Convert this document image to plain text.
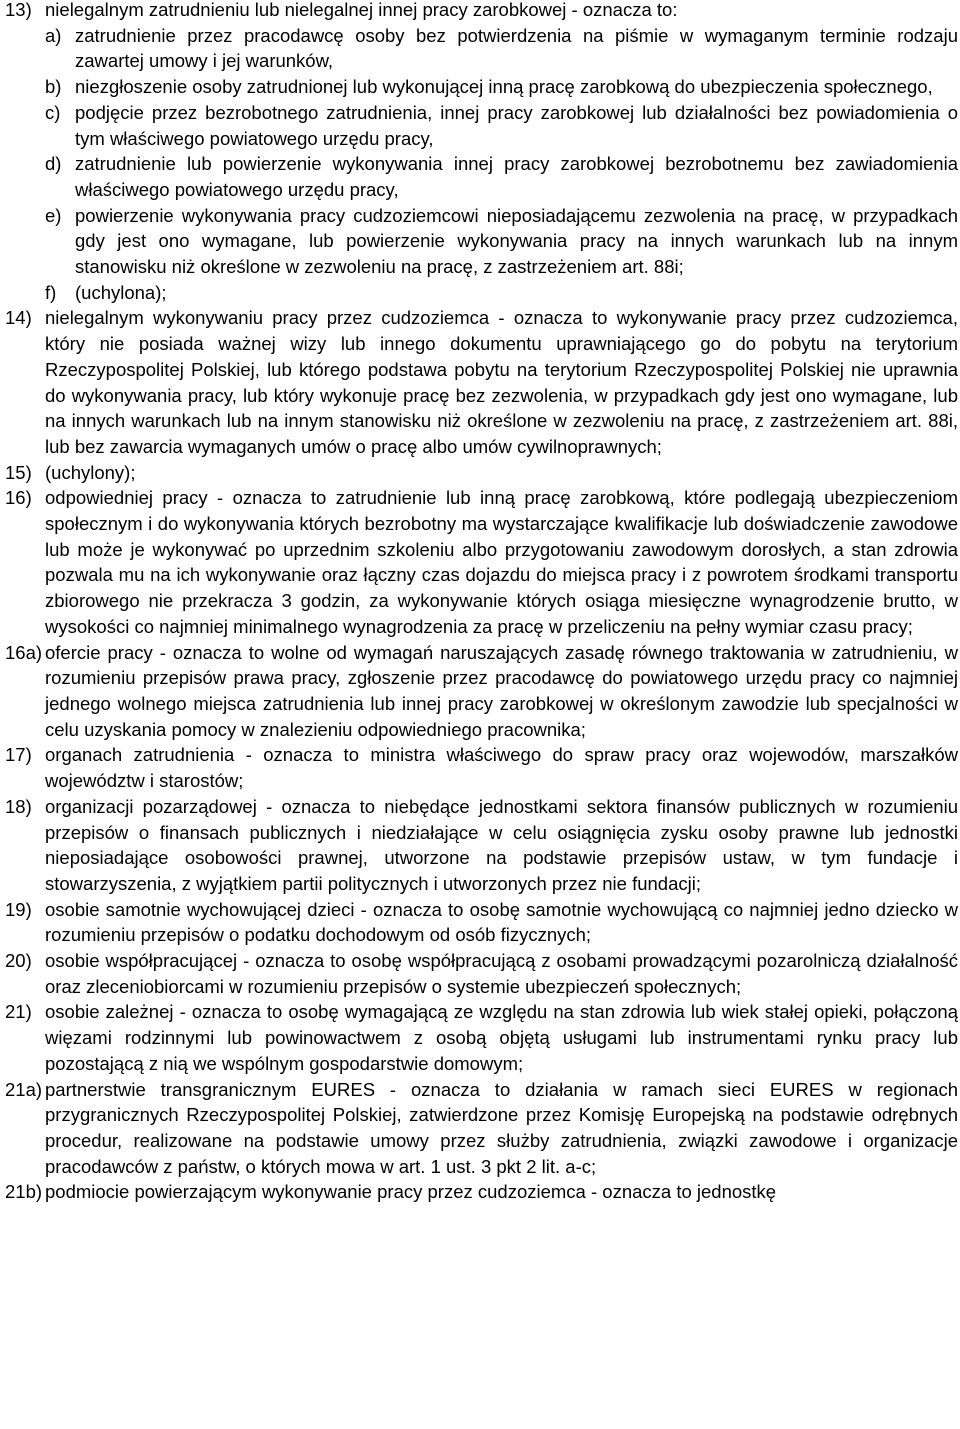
13) nielegalnym zatrudnieniu lub nielegalnej innej pracy zarobkowej - oznacza to:
a) zatrudnienie przez pracodawcę osoby bez potwierdzenia na piśmie w wymaganym terminie rodzaju zawartej umowy i jej warunków,
b) niezgłoszenie osoby zatrudnionej lub wykonującej inną pracę zarobkową do ubezpieczenia społecznego,
c) podjęcie przez bezrobotnego zatrudnienia, innej pracy zarobkowej lub działalności bez powiadomienia o tym właściwego powiatowego urzędu pracy,
d) zatrudnienie lub powierzenie wykonywania innej pracy zarobkowej bezrobotnemu bez zawiadomienia właściwego powiatowego urzędu pracy,
e) powierzenie wykonywania pracy cudzoziemcowi nieposiadającemu zezwolenia na pracę, w przypadkach gdy jest ono wymagane, lub powierzenie wykonywania pracy na innych warunkach lub na innym stanowisku niż określone w zezwoleniu na pracę, z zastrzeżeniem art. 88i;
f) (uchylona);
14) nielegalnym wykonywaniu pracy przez cudzoziemca - oznacza to wykonywanie pracy przez cudzoziemca, który nie posiada ważnej wizy lub innego dokumentu uprawniającego go do pobytu na terytorium Rzeczypospolitej Polskiej, lub którego podstawa pobytu na terytorium Rzeczypospolitej Polskiej nie uprawnia do wykonywania pracy, lub który wykonuje pracę bez zezwolenia, w przypadkach gdy jest ono wymagane, lub na innych warunkach lub na innym stanowisku niż określone w zezwoleniu na pracę, z zastrzeżeniem art. 88i, lub bez zawarcia wymaganych umów o pracę albo umów cywilnoprawnych;
15) (uchylony);
16) odpowiedniej pracy - oznacza to zatrudnienie lub inną pracę zarobkową, które podlegają ubezpieczeniom społecznym i do wykonywania których bezrobotny ma wystarczające kwalifikacje lub doświadczenie zawodowe lub może je wykonywać po uprzednim szkoleniu albo przygotowaniu zawodowym dorosłych, a stan zdrowia pozwala mu na ich wykonywanie oraz łączny czas dojazdu do miejsca pracy i z powrotem środkami transportu zbiorowego nie przekracza 3 godzin, za wykonywanie których osiąga miesięczne wynagrodzenie brutto, w wysokości co najmniej minimalnego wynagrodzenia za pracę w przeliczeniu na pełny wymiar czasu pracy;
16a) ofercie pracy - oznacza to wolne od wymagań naruszających zasadę równego traktowania w zatrudnieniu, w rozumieniu przepisów prawa pracy, zgłoszenie przez pracodawcę do powiatowego urzędu pracy co najmniej jednego wolnego miejsca zatrudnienia lub innej pracy zarobkowej w określonym zawodzie lub specjalności w celu uzyskania pomocy w znalezieniu odpowiedniego pracownika;
17) organach zatrudnienia - oznacza to ministra właściwego do spraw pracy oraz wojewodów, marszałków województw i starostów;
18) organizacji pozarządowej - oznacza to niebędące jednostkami sektora finansów publicznych w rozumieniu przepisów o finansach publicznych i niedziałające w celu osiągnięcia zysku osoby prawne lub jednostki nieposiadające osobowości prawnej, utworzone na podstawie przepisów ustaw, w tym fundacje i stowarzyszenia, z wyjątkiem partii politycznych i utworzonych przez nie fundacji;
19) osobie samotnie wychowującej dzieci - oznacza to osobę samotnie wychowującą co najmniej jedno dziecko w rozumieniu przepisów o podatku dochodowym od osób fizycznych;
20) osobie współpracującej - oznacza to osobę współpracującą z osobami prowadzącymi pozarolniczą działalność oraz zleceniobiorcami w rozumieniu przepisów o systemie ubezpieczeń społecznych;
21) osobie zależnej - oznacza to osobę wymagającą ze względu na stan zdrowia lub wiek stałej opieki, połączoną więzami rodzinnymi lub powinowactwem z osobą objętą usługami lub instrumentami rynku pracy lub pozostającą z nią we wspólnym gospodarstwie domowym;
21a) partnerstwie transgranicznym EURES - oznacza to działania w ramach sieci EURES w regionach przygranicznych Rzeczypospolitej Polskiej, zatwierdzone przez Komisję Europejską na podstawie odrębnych procedur, realizowane na podstawie umowy przez służby zatrudnienia, związki zawodowe i organizacje pracodawców z państw, o których mowa w art. 1 ust. 3 pkt 2 lit. a-c;
21b) podmiocie powierzającym wykonywanie pracy przez cudzoziemca - oznacza to jednostkę
